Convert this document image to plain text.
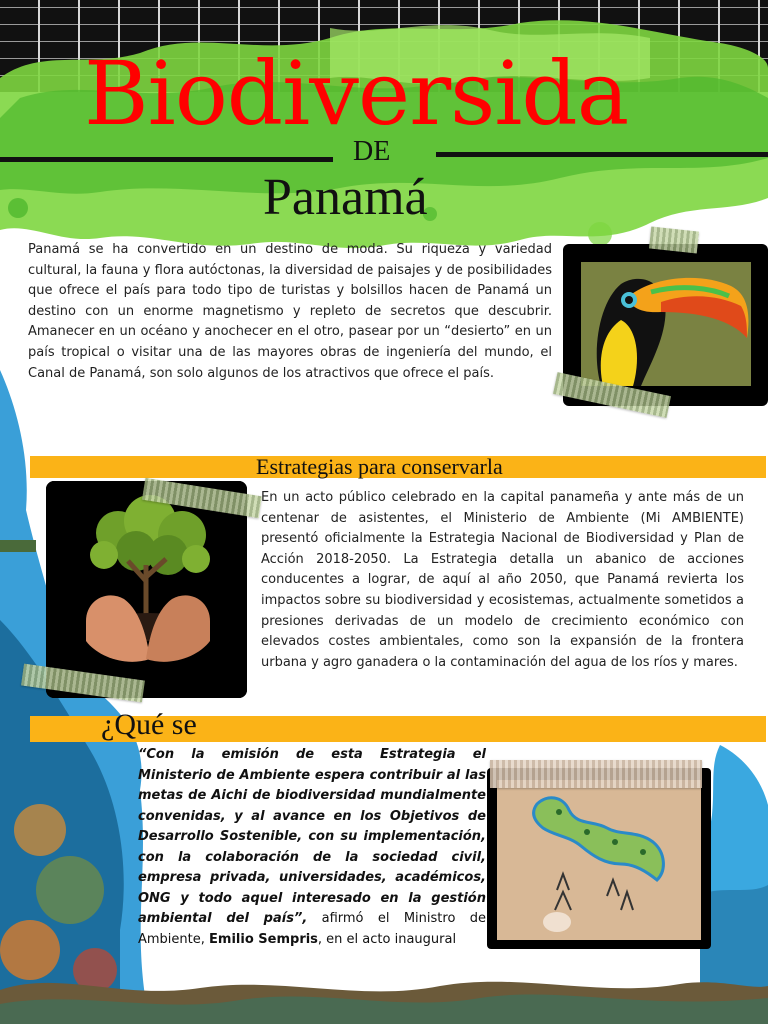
Biodiversida
DE
Panamá

Panamá se ha convertido en un destino de moda. Su riqueza y variedad cultural, la fauna y flora autóctonas, la diversidad de paisajes y de posibilidades que ofrece el país para todo tipo de turistas y bolsillos hacen de Panamá un destino con un enorme magnetismo y repleto de secretos que descubrir. Amanecer en un océano y anochecer en el otro, pasear por un “desierto” en un país tropical o visitar una de las mayores obras de ingeniería del mundo, el Canal de Panamá, son solo algunos de los atractivos que ofrece el país.

Estrategias para conservarla

En un acto público celebrado en la capital panameña y ante más de un centenar de asistentes, el Ministerio de Ambiente (Mi AMBIENTE) presentó oficialmente la Estrategia Nacional de Biodiversidad y Plan de Acción 2018-2050. La Estrategia detalla un abanico de acciones conducentes a lograr, de aquí al año 2050, que Panamá revierta los impactos sobre su biodiversidad y ecosistemas, actualmente sometidos a presiones derivadas de un modelo de crecimiento económico con elevados costes ambientales, como son la expansión de la frontera urbana y agro ganadera o la contaminación del agua de los ríos y mares.

¿Qué se

“Con la emisión de esta Estrategia el Ministerio de Ambiente espera contribuir al las metas de Aichi de biodiversidad mundialmente convenidas, y al avance en los Objetivos de Desarrollo Sostenible, con su implementación, con la colaboración de la sociedad civil, empresa privada, universidades, académicos, ONG y todo aquel interesado en la gestión ambiental del país”, afirmó el Ministro de Ambiente, Emilio Sempris, en el acto inaugural
